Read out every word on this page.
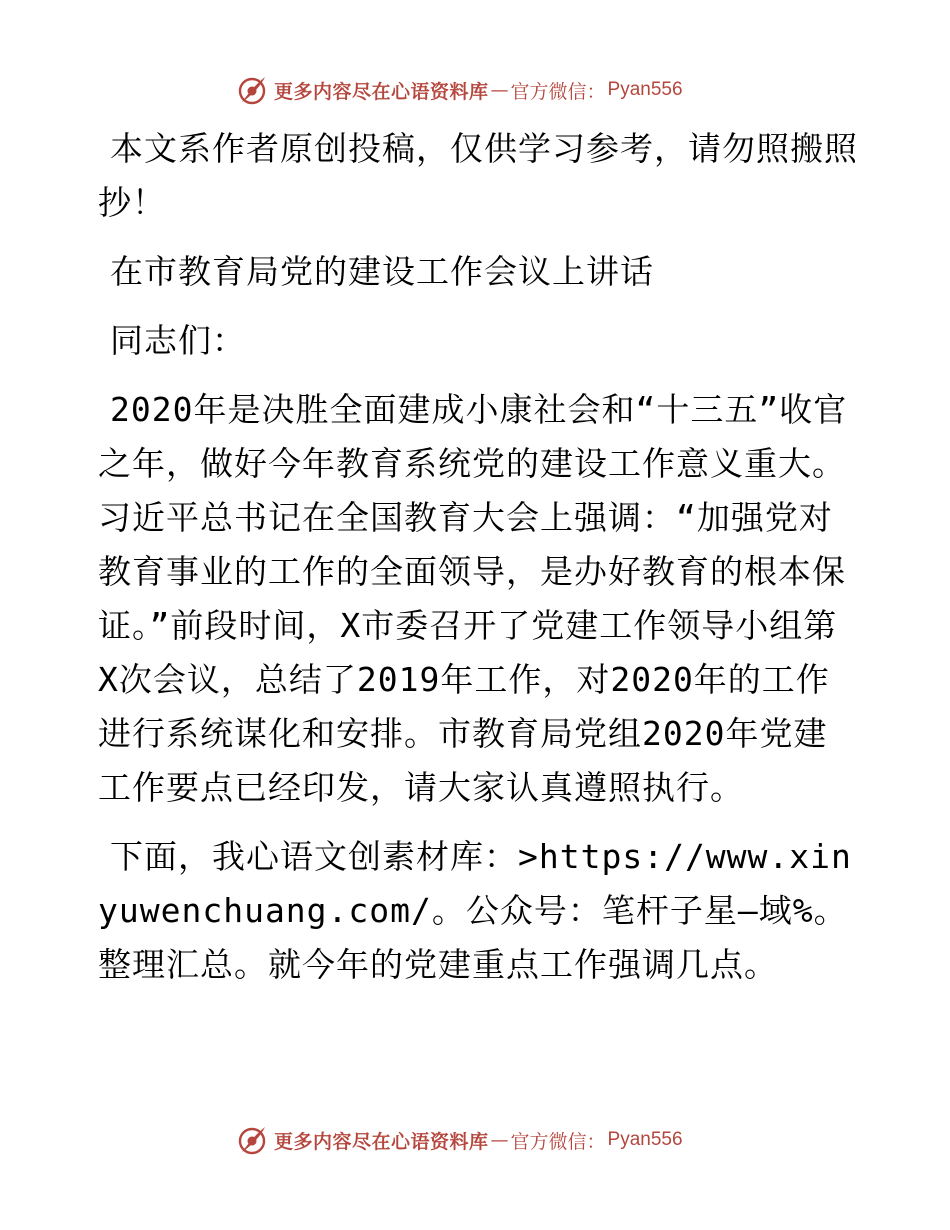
更多内容尽在心语资料库 — 官方微信： Pyan556

本文系作者原创投稿，仅供学习参考，请勿照搬照抄！

在市教育局党的建设工作会议上讲话

同志们：

2020年是决胜全面建成小康社会和“十三五”收官之年，做好今年教育系统党的建设工作意义重大。习近平总书记在全国教育大会上强调：“加强党对教育事业的工作的全面领导，是办好教育的根本保证。”前段时间，X市委召开了党建工作领导小组第X次会议，总结了2019年工作，对2020年的工作进行系统谋化和安排。市教育局党组2020年党建工作要点已经印发，请大家认真遵照执行。

下面，我心语文创素材库：>https://www.xinyuwenchuang.com/。公众号：笔杆子星—域%。整理汇总。就今年的党建重点工作强调几点。

更多内容尽在心语资料库 — 官方微信： Pyan556
